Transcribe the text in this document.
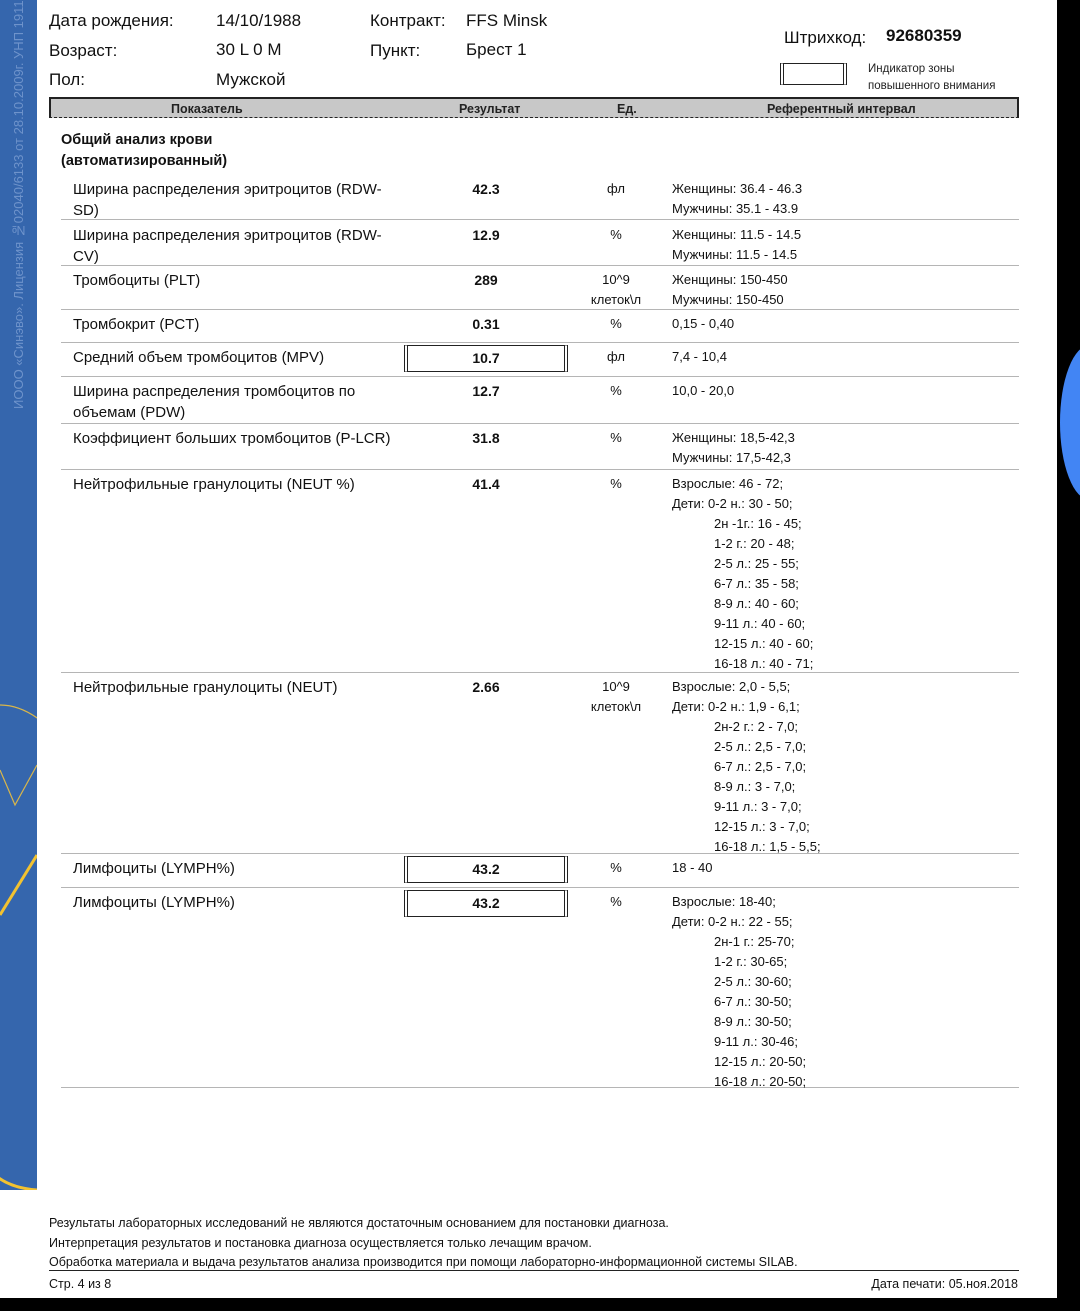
ИООО «Синэво». Лицензия №02040/6133 от 28.10.2009г. УНП 1911	Дата рождения: 14/10/1988
Возраст:	30 L 0 M
Пол:	Мужской
Контракт: FFS Minsk
Пункт:	Брест 1
Штрихкод: 92680359
Индикатор зоны
повышенного внимания
Показатель	Результат	Ед.	Референтный интервал
Общий анализ крови
(автоматизированный)
Ширина распределения эритроцитов (RDW-SD)
42.3	фл	Женщины: 36.4 - 46.3
Мужчины: 35.1 - 43.9
Ширина распределения эритроцитов (RDW-CV)
12.9	%	Женщины: 11.5 - 14.5
Мужчины: 11.5 - 14.5
Тромбоциты (PLT)	289	10^9
клеток\л
Женщины: 150-450
Мужчины: 150-450
Тромбокрит (PCT)	0.31	%	0,15 - 0,40
Средний объем тромбоцитов (MPV)	10.7	фл	7,4 - 10,4
Ширина распределения тромбоцитов по объемам (PDW)
12.7	%	10,0 - 20,0
Коэффициент больших тромбоцитов (P-LCR)	31.8	%	Женщины: 18,5-42,3
Мужчины: 17,5-42,3
Нейтрофильные гранулоциты (NEUT %)	41.4	%	Взрослые: 46 - 72;
Дети: 0-2 н.: 30 - 50;
2н -1г.: 16 - 45;
1-2 г.: 20 - 48;
2-5 л.: 25 - 55;
6-7 л.: 35 - 58;
8-9 л.: 40 - 60;
9-11 л.: 40 - 60;
12-15 л.: 40 - 60;
16-18 л.: 40 - 71;
Нейтрофильные гранулоциты (NEUT)	2.66	10^9
клеток\л
Взрослые: 2,0 - 5,5;
Дети: 0-2 н.: 1,9 - 6,1;
2н-2 г.: 2 - 7,0;
2-5 л.: 2,5 - 7,0;
6-7 л.: 2,5 - 7,0;
8-9 л.: 3 - 7,0;
9-11 л.: 3 - 7,0;
12-15 л.: 3 - 7,0;
16-18 л.: 1,5 - 5,5;
Лимфоциты (LYMPH%)	43.2	%	18 - 40
Лимфоциты (LYMPH%)	43.2	%	Взрослые: 18-40;
Дети: 0-2 н.: 22 - 55;
2н-1 г.: 25-70;
1-2 г.: 30-65;
2-5 л.: 30-60;
6-7 л.: 30-50;
8-9 л.: 30-50;
9-11 л.: 30-46;
12-15 л.: 20-50;
16-18 л.: 20-50;
Результаты лабораторных исследований не являются достаточным основанием для постановки диагноза.
Интерпретация результатов и постановка диагноза осуществляется только лечащим врачом.
Обработка материала и выдача результатов анализа производится при помощи лабораторно-информационной системы SILAB.
Стр. 4 из 8	Дата печати: 05.ноя.2018
